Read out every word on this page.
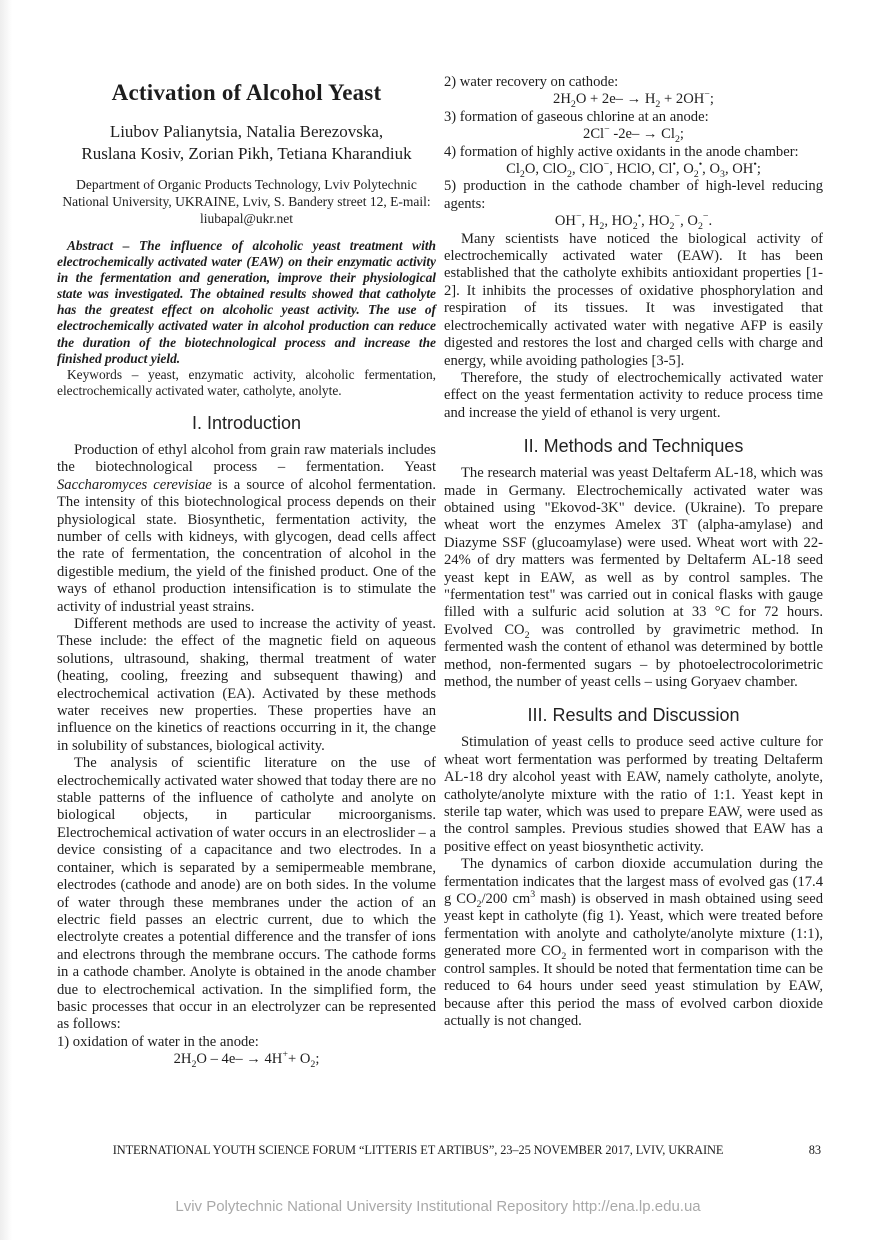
Activation of Alcohol Yeast
Liubov Palianytsia, Natalia Berezovska,
Ruslana Kosiv, Zorian Pikh, Tetiana Kharandiuk
Department of Organic Products Technology, Lviv Polytechnic National University, UKRAINE, Lviv, S. Bandery street 12, E-mail: liubapal@ukr.net

Abstract – The influence of alcoholic yeast treatment with electrochemically activated water (EAW) on their enzymatic activity in the fermentation and generation, improve their physiological state was investigated. The obtained results showed that catholyte has the greatest effect on alcoholic yeast activity. The use of electrochemically activated water in alcohol production can reduce the duration of the biotechnological process and increase the finished product yield.

Keywords – yeast, enzymatic activity, alcoholic fermentation, electrochemically activated water, catholyte, anolyte.

I. Introduction

Production of ethyl alcohol from grain raw materials includes the biotechnological process – fermentation. Yeast Saccharomyces cerevisiae is a source of alcohol fermentation. The intensity of this biotechnological process depends on their physiological state. Biosynthetic, fermentation activity, the number of cells with kidneys, with glycogen, dead cells affect the rate of fermentation, the concentration of alcohol in the digestible medium, the yield of the finished product. One of the ways of ethanol production intensification is to stimulate the activity of industrial yeast strains.

Different methods are used to increase the activity of yeast. These include: the effect of the magnetic field on aqueous solutions, ultrasound, shaking, thermal treatment of water (heating, cooling, freezing and subsequent thawing) and electrochemical activation (EA). Activated by these methods water receives new properties. These properties have an influence on the kinetics of reactions occurring in it, the change in solubility of substances, biological activity.

The analysis of scientific literature on the use of electrochemically activated water showed that today there are no stable patterns of the influence of catholyte and anolyte on biological objects, in particular microorganisms. Electrochemical activation of water occurs in an electroslider – a device consisting of a capacitance and two electrodes. In a container, which is separated by a semipermeable membrane, electrodes (cathode and anode) are on both sides. In the volume of water through these membranes under the action of an electric field passes an electric current, due to which the electrolyte creates a potential difference and the transfer of ions and electrons through the membrane occurs. The cathode forms in a cathode chamber. Anolyte is obtained in the anode chamber due to electrochemical activation. In the simplified form, the basic processes that occur in an electrolyzer can be represented as follows:

1) oxidation of water in the anode:

$2H_2O - 4e- \to 4H^++ O_2$;

2) water recovery on cathode:

$2H_2O + 2e- \to H_2 + 2OH^-$;

3) formation of gaseous chlorine at an anode:

2Cl− $-2e- \to Cl_2$;

4) formation of highly active oxidants in the anode chamber:

$Cl_2O$, ClO$_2$, ClO−, HClO, Cl•, $O_2^•$, $O_3$, OH•;

5) production in the cathode chamber of high-level reducing agents:

OH−, $H_2$, $HO_2^•$, $HO_2^-$, $O_2^-$.

Many scientists have noticed the biological activity of electrochemically activated water (EAW). It has been established that the catholyte exhibits antioxidant properties [1-2]. It inhibits the processes of oxidative phosphorylation and respiration of its tissues. It was investigated that electrochemically activated water with negative AFP is easily digested and restores the lost and charged cells with charge and energy, while avoiding pathologies [3-5].

Therefore, the study of electrochemically activated water effect on the yeast fermentation activity to reduce process time and increase the yield of ethanol is very urgent.

II. Methods and Techniques

The research material was yeast Deltaferm AL-18, which was made in Germany. Electrochemically activated water was obtained using "Ekovod-3K" device. (Ukraine). To prepare wheat wort the enzymes Amelex 3T (alpha-amylase) and Diazyme SSF (glucoamylase) were used. Wheat wort with 22-24% of dry matters was fermented by Deltaferm AL-18 seed yeast kept in EAW, as well as by control samples. The "fermentation test" was carried out in conical flasks with gauge filled with a sulfuric acid solution at 33 °C for 72 hours. Evolved $CO_2$ was controlled by gravimetric method. In fermented wash the content of ethanol was determined by bottle method, non-fermented sugars – by photoelectrocolorimetric method, the number of yeast cells – using Goryaev chamber.

III. Results and Discussion

Stimulation of yeast cells to produce seed active culture for wheat wort fermentation was performed by treating Deltaferm AL-18 dry alcohol yeast with EAW, namely catholyte, anolyte, catholyte/anolyte mixture with the ratio of 1:1. Yeast kept in sterile tap water, which was used to prepare EAW, were used as the control samples. Previous studies showed that EAW has a positive effect on yeast biosynthetic activity.

The dynamics of carbon dioxide accumulation during the fermentation indicates that the largest mass of evolved gas (17.4 g $CO_2/200$ $cm^3$ mash) is observed in mash obtained using seed yeast kept in catholyte (fig 1). Yeast, which were treated before fermentation with anolyte and catholyte/anolyte mixture (1:1), generated more $CO_2$ in fermented wort in comparison with the control samples. It should be noted that fermentation time can be reduced to 64 hours under seed yeast stimulation by EAW, because after this period the mass of evolved carbon dioxide actually is not changed.

INTERNATIONAL YOUTH SCIENCE FORUM “LITTERIS ET ARTIBUS”, 23–25 NOVEMBER 2017, LVIV, UKRAINE	83
Lviv Polytechnic National University Institutional Repository http://ena.lp.edu.ua
